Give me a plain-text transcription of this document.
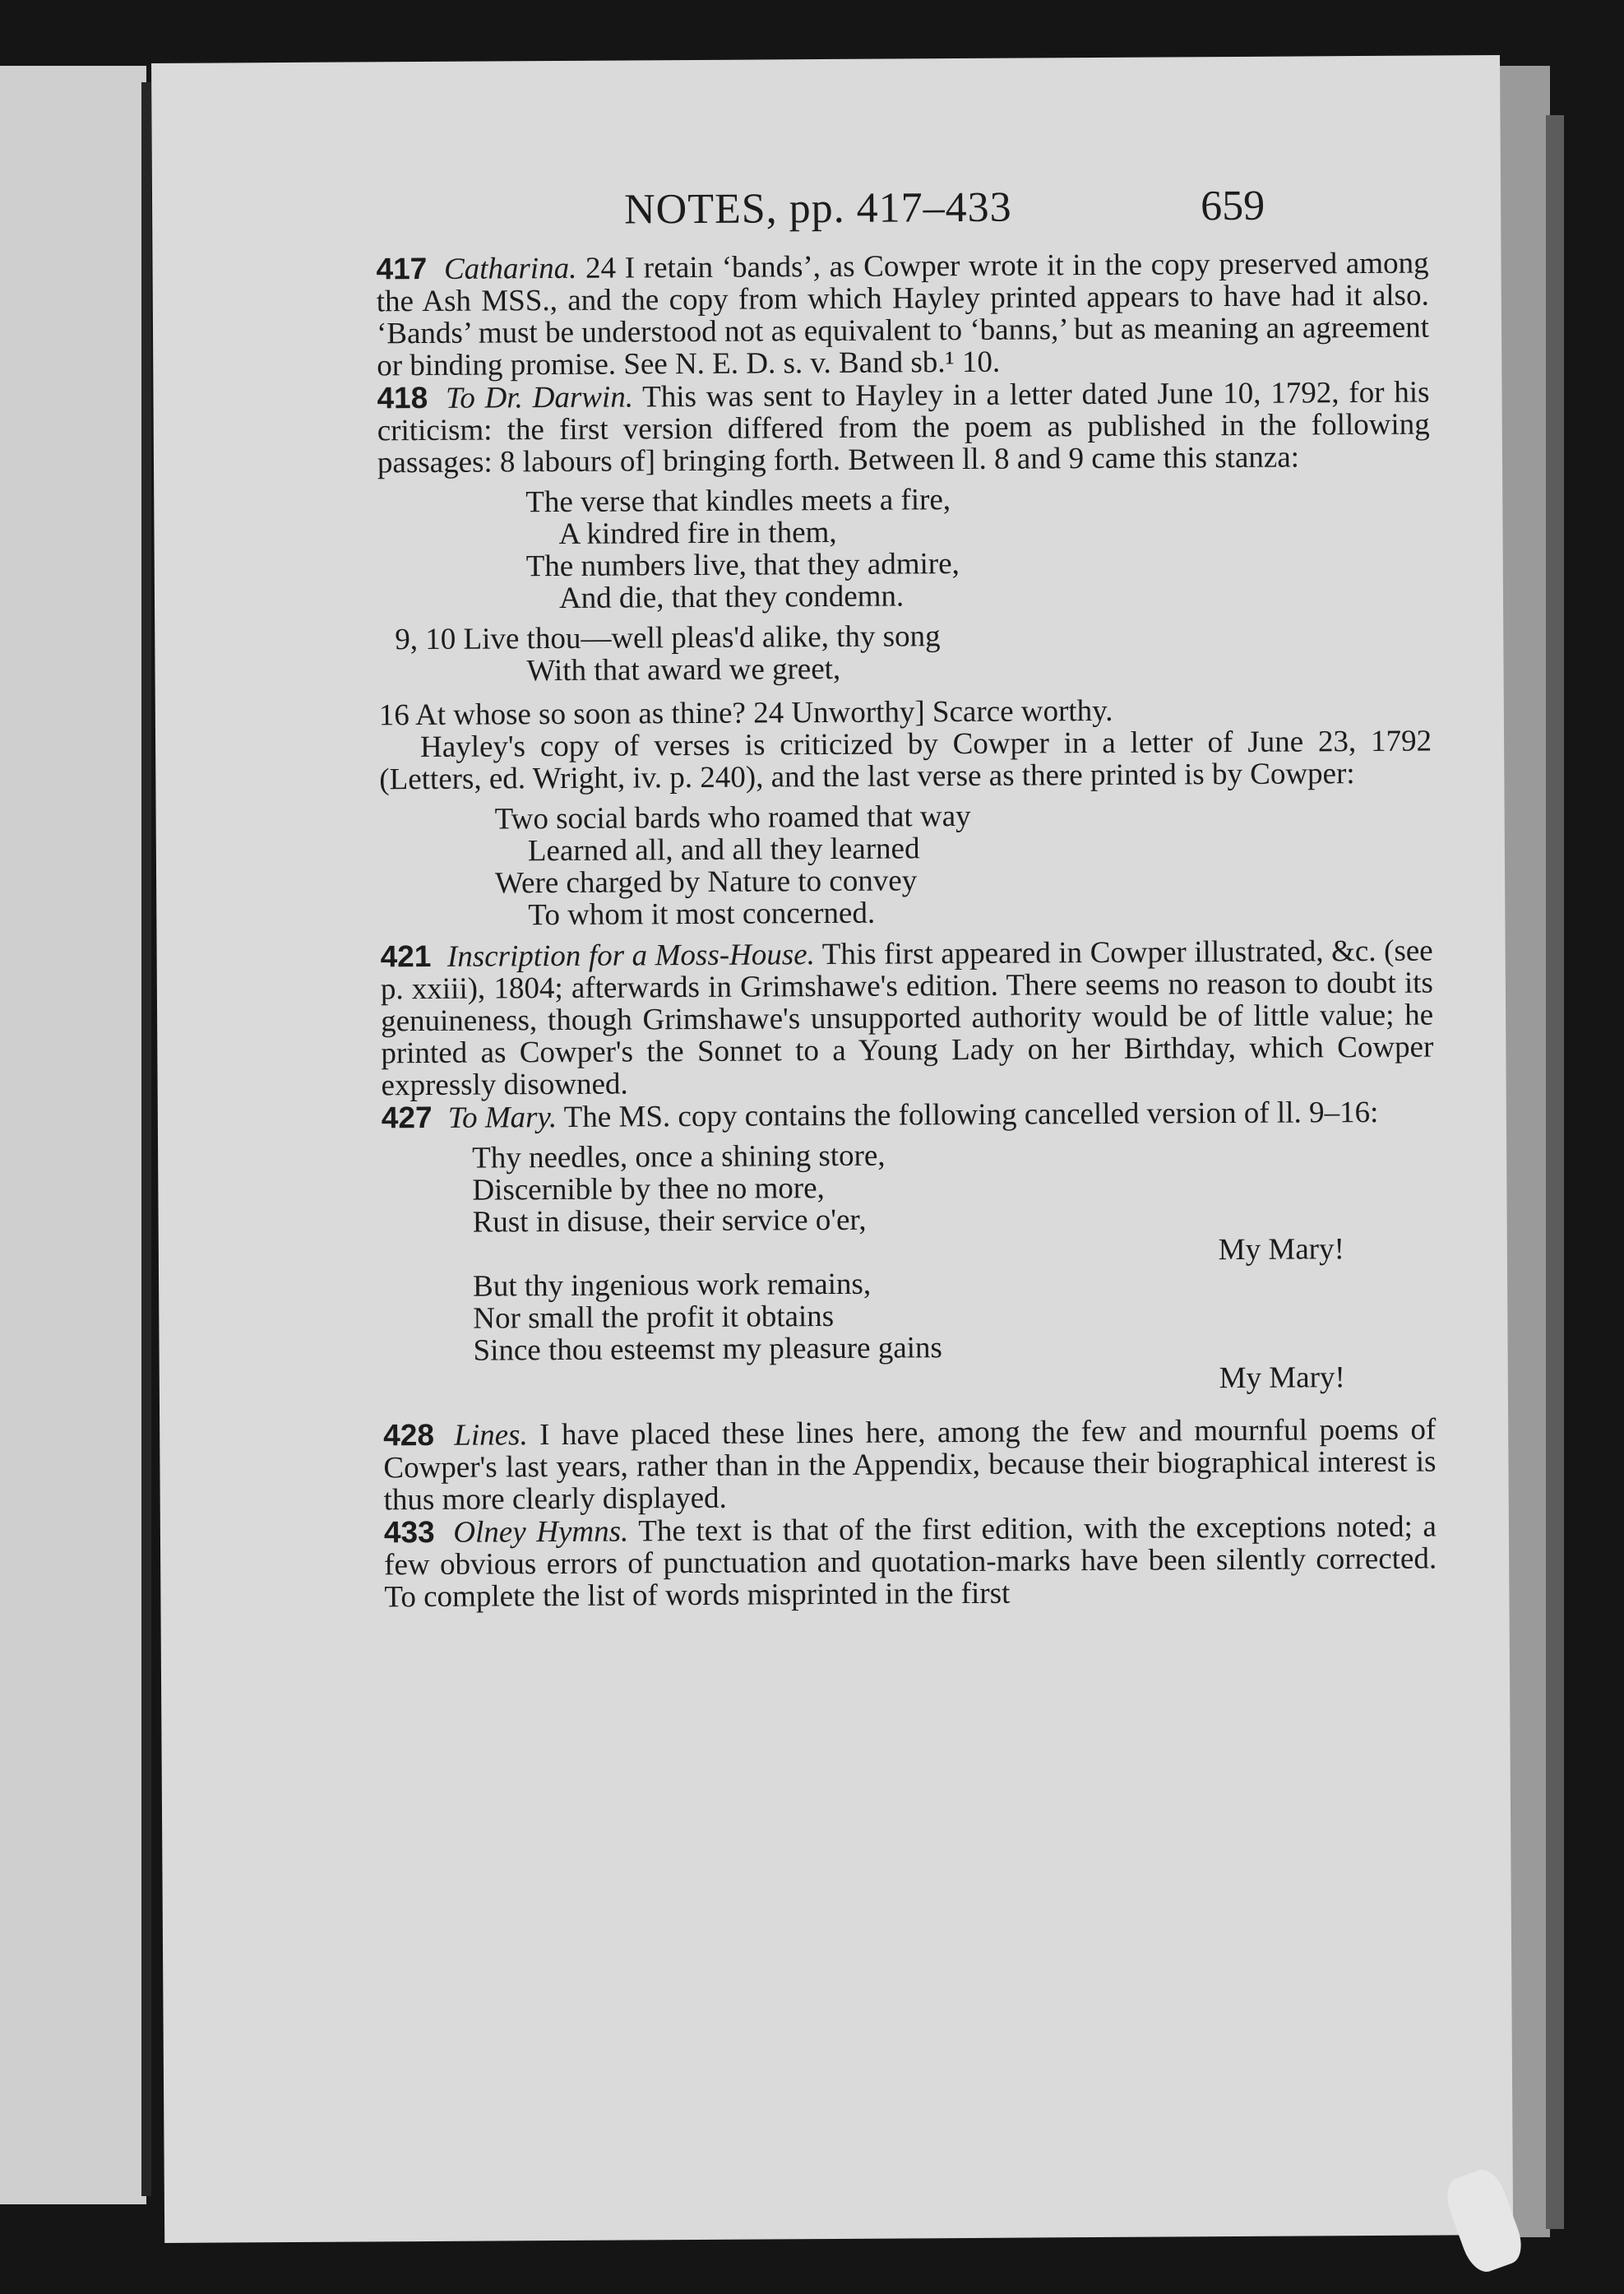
NOTES, pp. 417–433	659

417 Catharina. 24 I retain ‘bands’, as Cowper wrote it in the copy preserved among the Ash MSS., and the copy from which Hayley printed appears to have had it also. ‘Bands’ must be understood not as equivalent to ‘banns,’ but as meaning an agreement or binding promise. See N. E. D. s. v. Band sb.¹ 10.

418 To Dr. Darwin. This was sent to Hayley in a letter dated June 10, 1792, for his criticism: the first version differed from the poem as published in the following passages: 8 labours of] bringing forth. Between ll. 8 and 9 came this stanza:

The verse that kindles meets a fire,
A kindred fire in them,
The numbers live, that they admire,
And die, that they condemn.
9, 10 Live thou—well pleas'd alike, thy song
With that award we greet,

16 At whose so soon as thine? 24 Unworthy] Scarce worthy.

Hayley's copy of verses is criticized by Cowper in a letter of June 23, 1792 (Letters, ed. Wright, iv. p. 240), and the last verse as there printed is by Cowper:

Two social bards who roamed that way
Learned all, and all they learned
Were charged by Nature to convey
To whom it most concerned.

421 Inscription for a Moss-House. This first appeared in Cowper illustrated, &c. (see p. xxiii), 1804; afterwards in Grimshawe's edition. There seems no reason to doubt its genuineness, though Grimshawe's unsupported authority would be of little value; he printed as Cowper's the Sonnet to a Young Lady on her Birthday, which Cowper expressly disowned.

427 To Mary. The MS. copy contains the following cancelled version of ll. 9–16:

Thy needles, once a shining store,
Discernible by thee no more,
Rust in disuse, their service o'er,
My Mary!
But thy ingenious work remains,
Nor small the profit it obtains
Since thou esteemst my pleasure gains
My Mary!

428 Lines. I have placed these lines here, among the few and mournful poems of Cowper's last years, rather than in the Appendix, because their biographical interest is thus more clearly displayed.

433 Olney Hymns. The text is that of the first edition, with the exceptions noted; a few obvious errors of punctuation and quotation-marks have been silently corrected. To complete the list of words misprinted in the first
